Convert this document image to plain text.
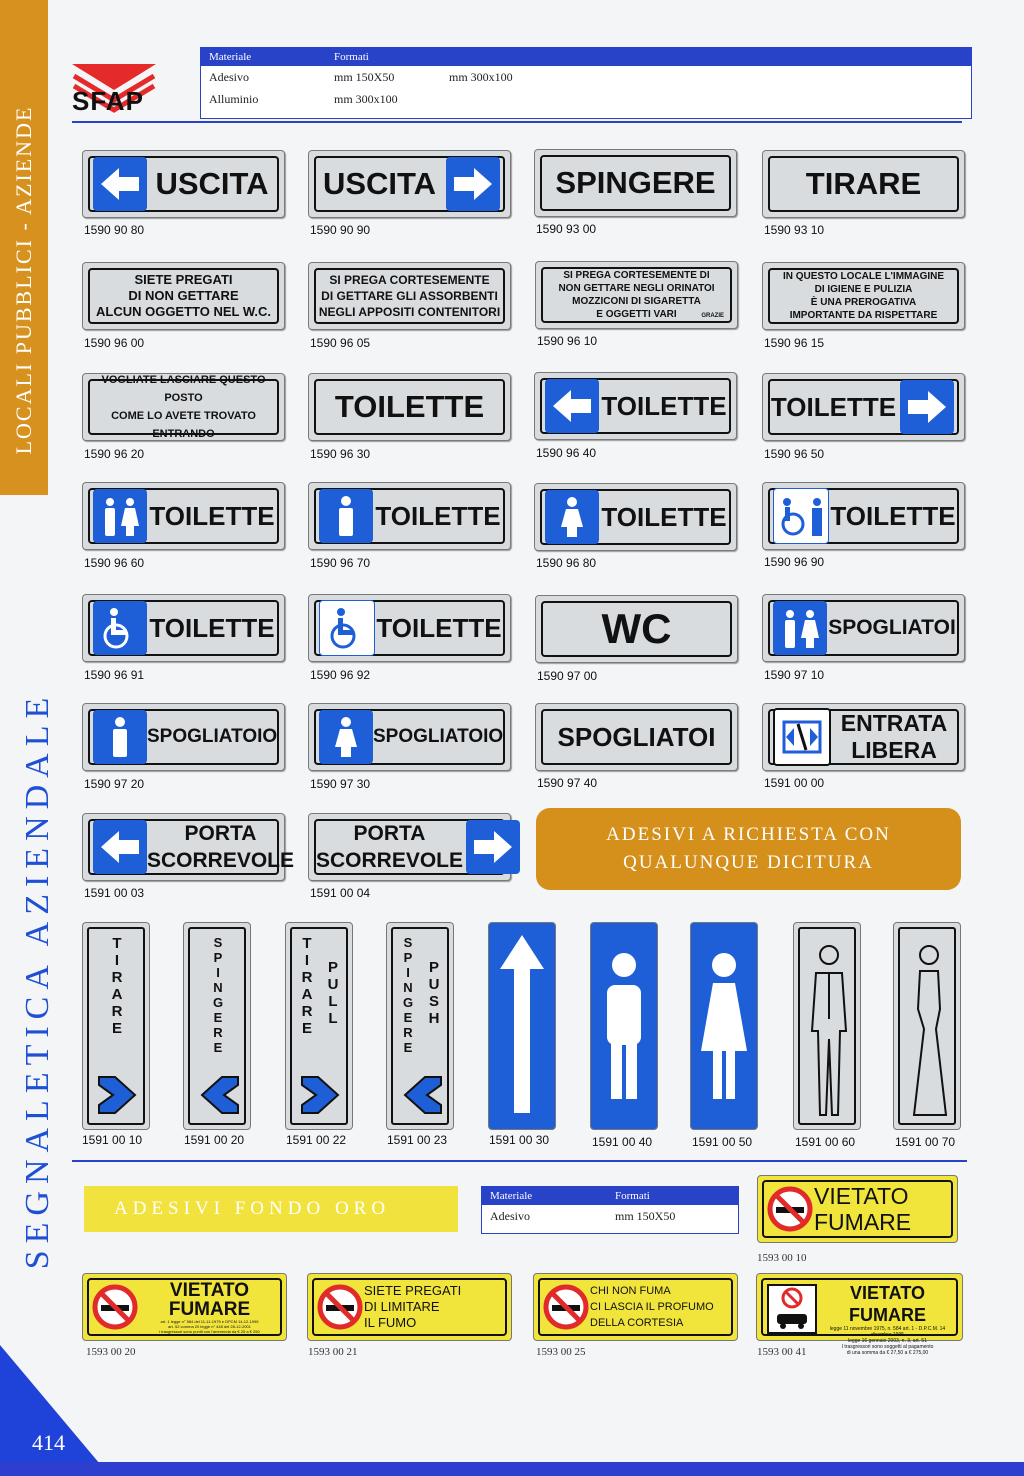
LOCALI PUBBLICI - AZIENDE
SEGNALETICA AZIENDALE
414
SFAP
Materiale	Formati
Adesivo	mm 150X50	mm 300x100
Alluminio	mm 300x100
USCITA
1590 90 80
USCITA
1590 90 90
SPINGERE
1590 93 00
TIRARE
1590 93 10
SIETE PREGATI
DI NON GETTARE
ALCUN OGGETTO NEL W.C.
1590 96 00
SI PREGA CORTESEMENTE
DI GETTARE GLI ASSORBENTI
NEGLI APPOSITI CONTENITORI
1590 96 05
SI PREGA CORTESEMENTE DI
NON GETTARE NEGLI ORINATOI
MOZZICONI DI SIGARETTA
E OGGETTI VARI	GRAZIE
1590 96 10
IN QUESTO LOCALE L'IMMAGINE
DI IGIENE E PULIZIA
È UNA PREROGATIVA
IMPORTANTE DA RISPETTARE
1590 96 15
VOGLIATE LASCIARE QUESTO POSTO
COME LO AVETE TROVATO ENTRANDO
1590 96 20
TOILETTE
1590 96 30
TOILETTE
1590 96 40
TOILETTE
1590 96 50
TOILETTE
1590 96 60
TOILETTE
1590 96 70
TOILETTE
1590 96 80
TOILETTE
1590 96 90
TOILETTE
1590 96 91
TOILETTE
1590 96 92
WC
1590 97 00
SPOGLIATOI
1590 97 10
SPOGLIATOIO
1590 97 20
SPOGLIATOIO
1590 97 30
SPOGLIATOI
1590 97 40
ENTRATA
LIBERA
1591 00 00
PORTA
SCORREVOLE
1591 00 03
PORTA
SCORREVOLE
1591 00 04
ADESIVI A RICHIESTA CON
QUALUNQUE DICITURA
T
I
R
A
R
E
1591 00 10
S
P
I
N
G
E
R
E
1591 00 20
T
I
R
A
R
E
P
U
L
L
1591 00 22
S
P
I
N
G
E
R
E
P
U
S
H
1591 00 23	1591 00 30	1591 00 40	1591 00 50	1591 00 60	1591 00 70
ADESIVI FONDO ORO
Materiale	Formati
Adesivo	mm 150X50
VIETATO
FUMARE
1593 00 10
VIETATO
FUMARE
art. 1 legge n° 584 del 11-11-1975 e DPCM 14-12-1995
art. 52 comma 20 legge n° 448 del 28-12-2001
i trasgressori sono puniti con l'ammenda da € 25 a € 250
1593 00 20
SIETE PREGATI
DI LIMITARE
IL FUMO
1593 00 21
CHI NON FUMA
CI LASCIA IL PROFUMO
DELLA CORTESIA
1593 00 25
VIETATO FUMARE
legge 11 novembre 1975, n. 584 art. 1 - D.P.C.M. 14 dicembre 1995
legge 16 gennaio 2003, n. 3, art. 51
I trasgressori sono soggetti al pagamento
di una somma da € 27,50 a € 275,00
1593 00 41
